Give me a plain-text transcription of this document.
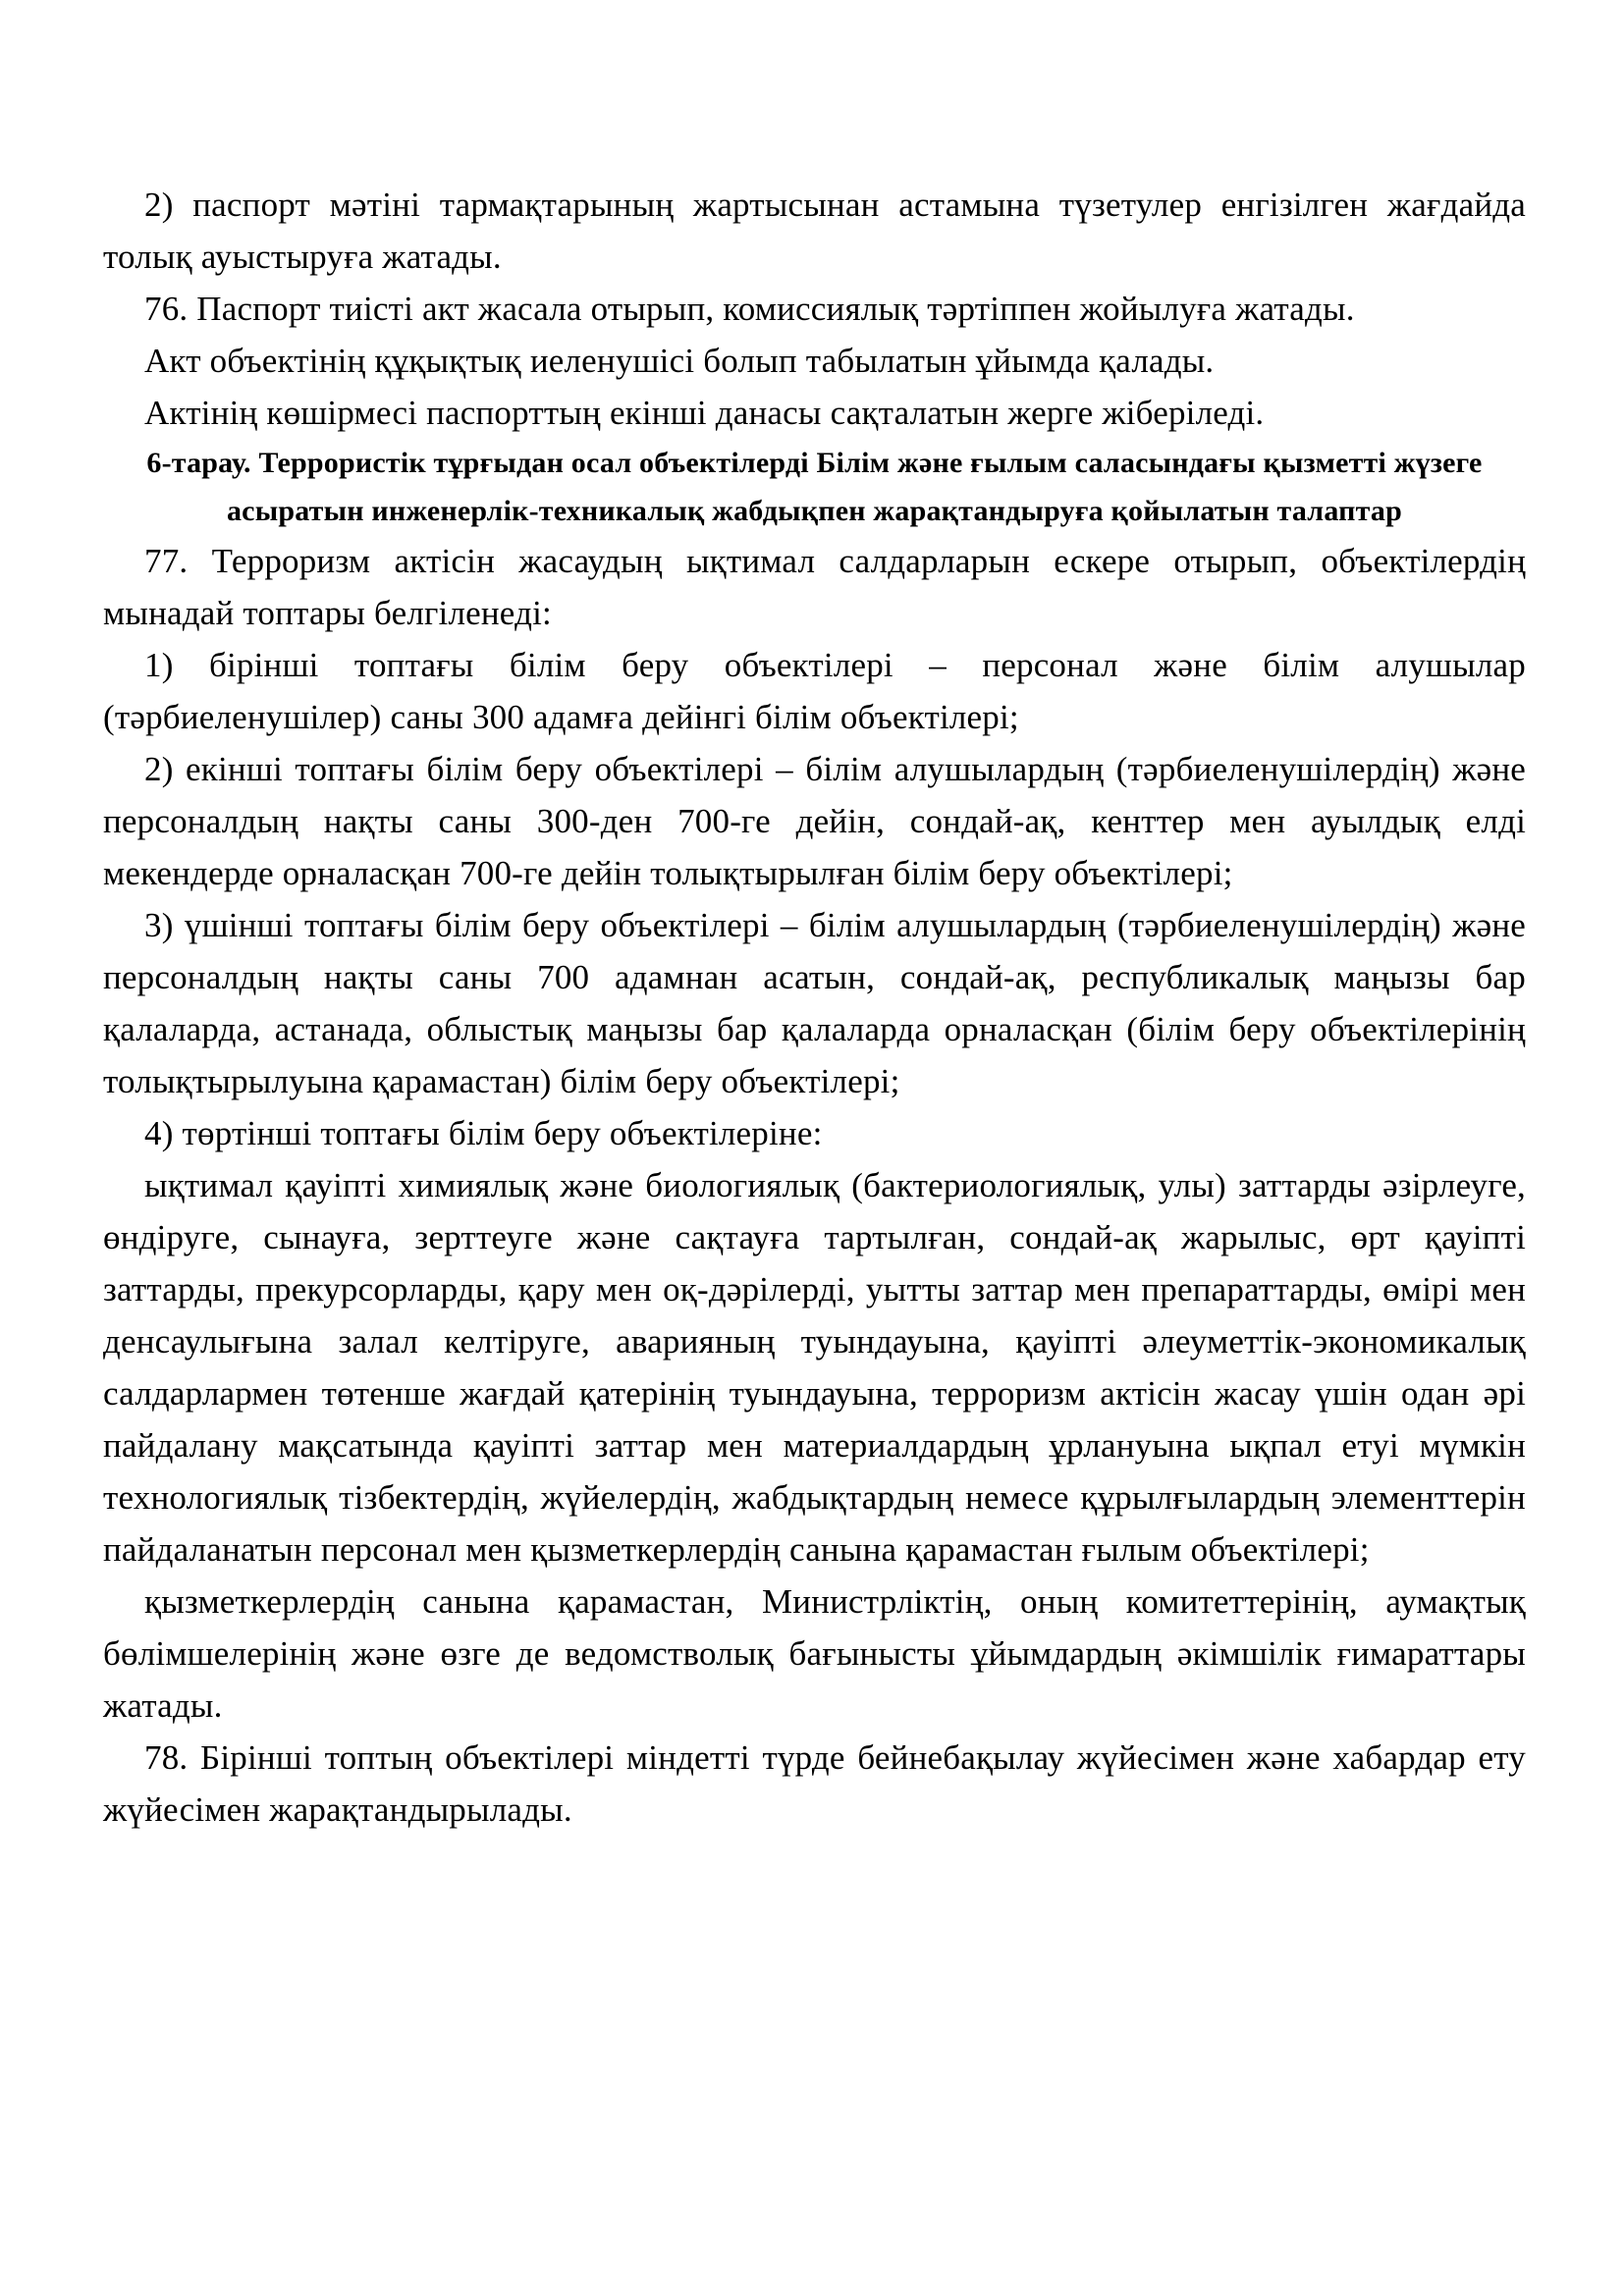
2) паспорт мәтіні тармақтарының жартысынан астамына түзетулер енгізілген жағдайда толық ауыстыруға жатады.

76. Паспорт тиісті акт жасала отырып, комиссиялық тәртіппен жойылуға жатады.

Акт объектінің құқықтық иеленушісі болып табылатын ұйымда қалады.

Актінің көшірмесі паспорттың екінші данасы сақталатын жерге жіберіледі.

6-тарау. Террористік тұрғыдан осал объектілерді Білім және ғылым саласындағы қызметті жүзеге асыратын инженерлік-техникалық жабдықпен жарақтандыруға қойылатын талаптар

77. Терроризм актісін жасаудың ықтимал салдарларын ескере отырып, объектілердің мынадай топтары белгіленеді:

1) бірінші топтағы білім беру объектілері – персонал және білім алушылар (тәрбиеленушілер) саны 300 адамға дейінгі білім объектілері;

2) екінші топтағы білім беру объектілері – білім алушылардың (тәрбиеленушілердің) және персоналдың нақты саны 300-ден 700-ге дейін, сондай-ақ, кенттер мен ауылдық елді мекендерде орналасқан 700-ге дейін толықтырылған білім беру объектілері;

3) үшінші топтағы білім беру объектілері – білім алушылардың (тәрбиеленушілердің) және персоналдың нақты саны 700 адамнан асатын, сондай-ақ, республикалық маңызы бар қалаларда, астанада, облыстық маңызы бар қалаларда орналасқан (білім беру объектілерінің толықтырылуына қарамастан) білім беру объектілері;

4) төртінші топтағы білім беру объектілеріне:

ықтимал қауіпті химиялық және биологиялық (бактериологиялық, улы) заттарды әзірлеуге, өндіруге, сынауға, зерттеуге және сақтауға тартылған, сондай-ақ жарылыс, өрт қауіпті заттарды, прекурсорларды, қару мен оқ-дәрілерді, уытты заттар мен препараттарды, өмірі мен денсаулығына залал келтіруге, аварияның туындауына, қауіпті әлеуметтік-экономикалық салдарлармен төтенше жағдай қатерінің туындауына, терроризм актісін жасау үшін одан әрі пайдалану мақсатында қауіпті заттар мен материалдардың ұрлануына ықпал етуі мүмкін технологиялық тізбектердің, жүйелердің, жабдықтардың немесе құрылғылардың элементтерін пайдаланатын персонал мен қызметкерлердің санына қарамастан ғылым объектілері;

қызметкерлердің санына қарамастан, Министрліктің, оның комитеттерінің, аумақтық бөлімшелерінің және өзге де ведомстволық бағынысты ұйымдардың әкімшілік ғимараттары жатады.

78. Бірінші топтың объектілері міндетті түрде бейнебақылау жүйесімен және хабардар ету жүйесімен жарақтандырылады.
